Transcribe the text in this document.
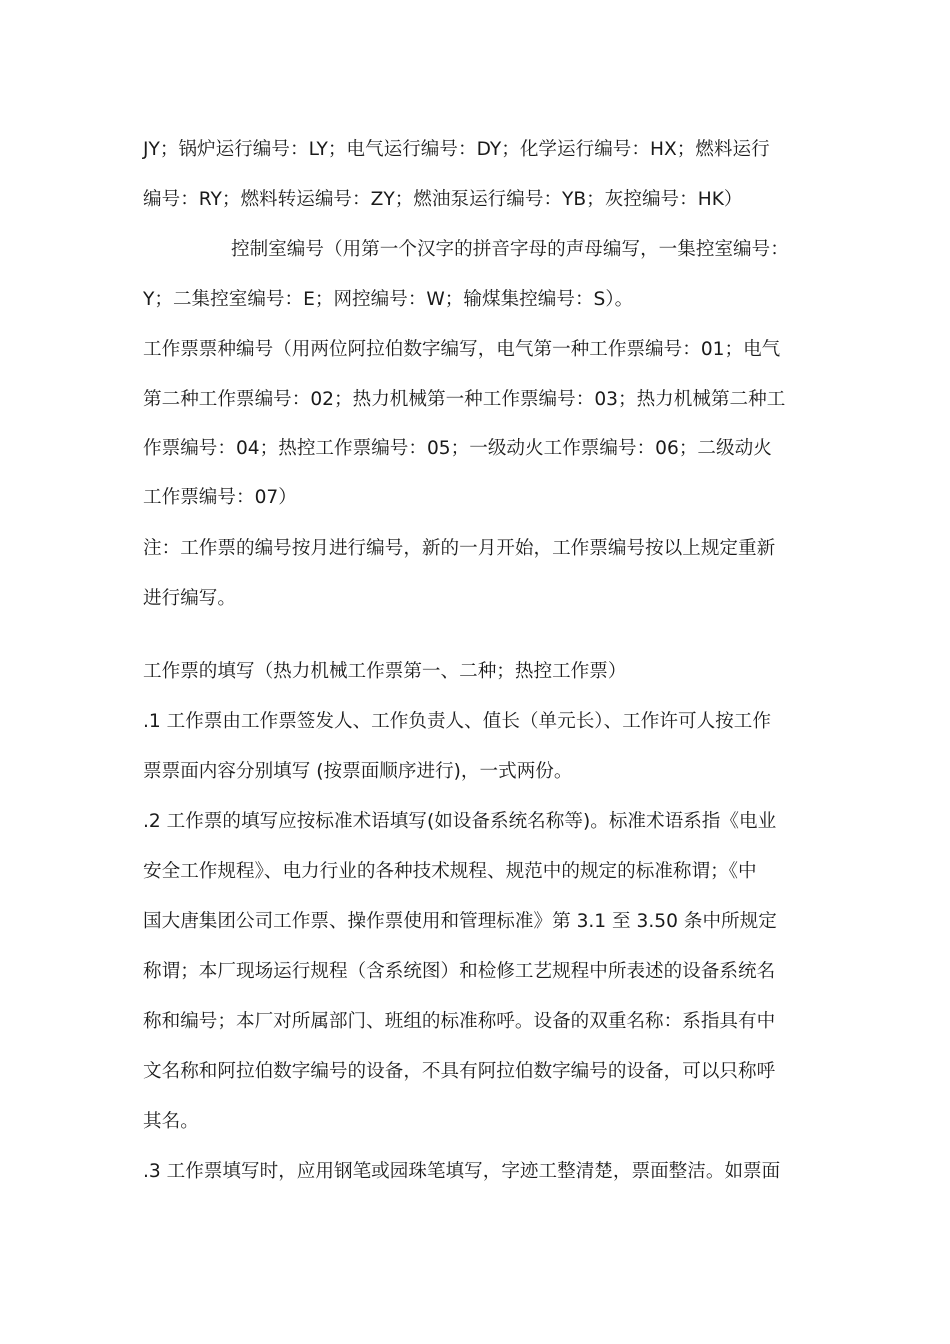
JY；锅炉运行编号：LY；电气运行编号：DY；化学运行编号：HX；燃料运行
编号：RY；燃料转运编号：ZY；燃油泵运行编号：YB；灰控编号：HK）
控制室编号（用第一个汉字的拼音字母的声母编写，一集控室编号：
Y；二集控室编号：E；网控编号：W；输煤集控编号：S）。
工作票票种编号（用两位阿拉伯数字编写，电气第一种工作票编号：01；电气
第二种工作票编号：02；热力机械第一种工作票编号：03；热力机械第二种工
作票编号：04；热控工作票编号：05；一级动火工作票编号：06；二级动火
工作票编号：07）
注：工作票的编号按月进行编号，新的一月开始，工作票编号按以上规定重新
进行编写。
工作票的填写（热力机械工作票第一、二种；热控工作票）
.1 工作票由工作票签发人、工作负责人、值长（单元长）、工作许可人按工作
票票面内容分别填写 (按票面顺序进行)，一式两份。
.2 工作票的填写应按标准术语填写(如设备系统名称等)。标准术语系指《电业
安全工作规程》、电力行业的各种技术规程、规范中的规定的标准称谓；《中
国大唐集团公司工作票、操作票使用和管理标准》第 3.1 至 3.50 条中所规定
称谓；本厂现场运行规程（含系统图）和检修工艺规程中所表述的设备系统名
称和编号；本厂对所属部门、班组的标准称呼。设备的双重名称：系指具有中
文名称和阿拉伯数字编号的设备，不具有阿拉伯数字编号的设备，可以只称呼
其名。
.3 工作票填写时，应用钢笔或园珠笔填写，字迹工整清楚，票面整洁。如票面
